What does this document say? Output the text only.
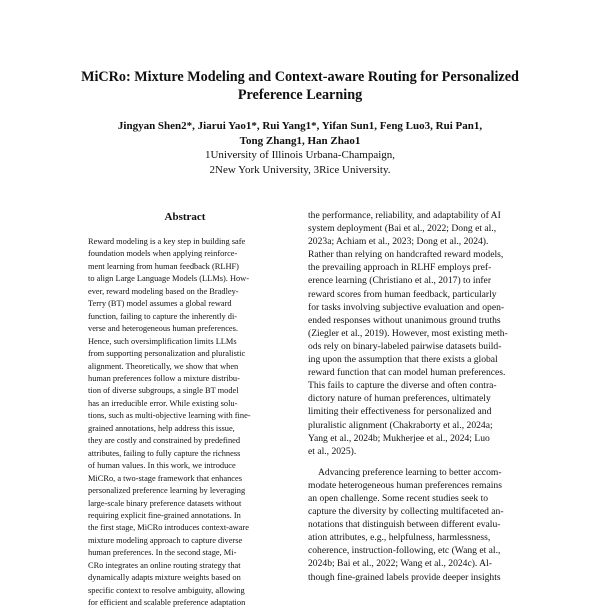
MiCRo: Mixture Modeling and Context-aware Routing for Personalized
Preference Learning
Jingyan Shen2*, Jiarui Yao1*, Rui Yang1*, Yifan Sun1, Feng Luo3, Rui Pan1,
Tong Zhang1, Han Zhao1
1University of Illinois Urbana-Champaign,
2New York University, 3Rice University.
Abstract
Reward modeling is a key step in building safe
foundation models when applying reinforce-
ment learning from human feedback (RLHF)
to align Large Language Models (LLMs). How-
ever, reward modeling based on the Bradley-
Terry (BT) model assumes a global reward
function, failing to capture the inherently di-
verse and heterogeneous human preferences.
Hence, such oversimplification limits LLMs
from supporting personalization and pluralistic
alignment. Theoretically, we show that when
human preferences follow a mixture distribu-
tion of diverse subgroups, a single BT model
has an irreducible error. While existing solu-
tions, such as multi-objective learning with fine-
grained annotations, help address this issue,
they are costly and constrained by predefined
attributes, failing to fully capture the richness
of human values. In this work, we introduce
MiCRo, a two-stage framework that enhances
personalized preference learning by leveraging
large-scale binary preference datasets without
requiring explicit fine-grained annotations. In
the first stage, MiCRo introduces context-aware
mixture modeling approach to capture diverse
human preferences. In the second stage, Mi-
CRo integrates an online routing strategy that
dynamically adapts mixture weights based on
specific context to resolve ambiguity, allowing
for efficient and scalable preference adaptation
the performance, reliability, and adaptability of AI
system deployment (Bai et al., 2022; Dong et al.,
2023a; Achiam et al., 2023; Dong et al., 2024).
Rather than relying on handcrafted reward models,
the prevailing approach in RLHF employs pref-
erence learning (Christiano et al., 2017) to infer
reward scores from human feedback, particularly
for tasks involving subjective evaluation and open-
ended responses without unanimous ground truths
(Ziegler et al., 2019). However, most existing meth-
ods rely on binary-labeled pairwise datasets build-
ing upon the assumption that there exists a global
reward function that can model human preferences.
This fails to capture the diverse and often contra-
dictory nature of human preferences, ultimately
limiting their effectiveness for personalized and
pluralistic alignment (Chakraborty et al., 2024a;
Yang et al., 2024b; Mukherjee et al., 2024; Luo
et al., 2025).
Advancing preference learning to better accom-
modate heterogeneous human preferences remains
an open challenge. Some recent studies seek to
capture the diversity by collecting multifaceted an-
notations that distinguish between different evalu-
ation attributes, e.g., helpfulness, harmlessness,
coherence, instruction-following, etc (Wang et al.,
2024b; Bai et al., 2022; Wang et al., 2024c). Al-
though fine-grained labels provide deeper insights
